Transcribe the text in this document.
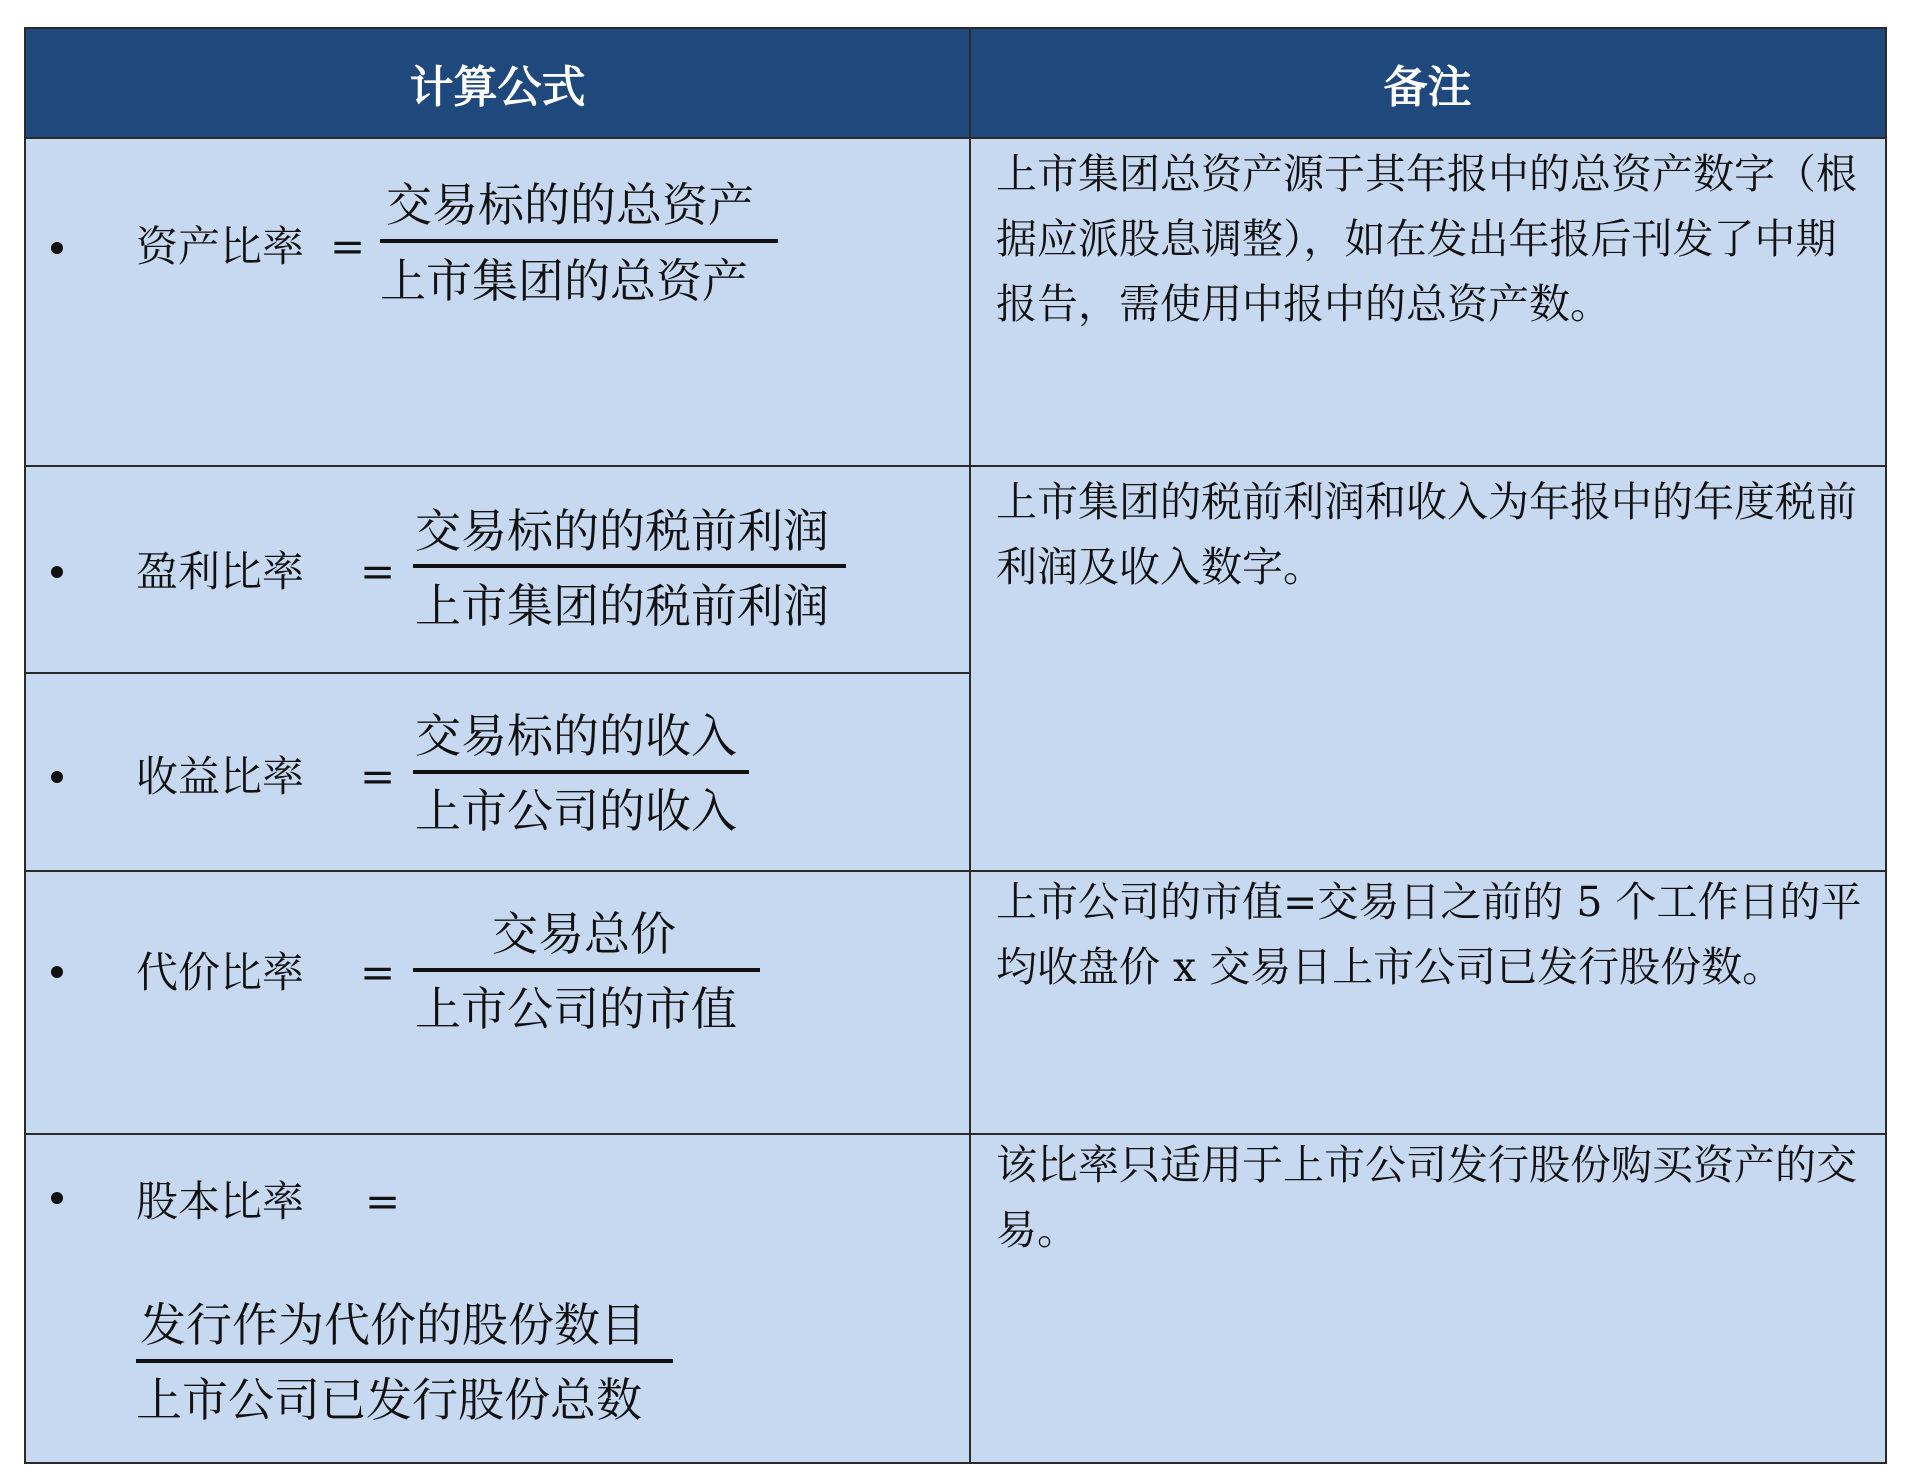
计算公式	备注
资产比率 =
交易标的的总资产
上市集团的总资产
上市集团总资产源于其年报中的总资产数字（根据应派股息调整），如在发出年报后刊发了中期报告，需使用中报中的总资产数。
盈利比率 =
交易标的的税前利润
上市集团的税前利润
上市集团的税前利润和收入为年报中的年度税前利润及收入数字。
收益比率 =
交易标的的收入
上市公司的收入
代价比率 =
交易总价
上市公司的市值
上市公司的市值=交易日之前的 5 个工作日的平均收盘价 x 交易日上市公司已发行股份数。
股本比率 =
发行作为代价的股份数目
上市公司已发行股份总数
该比率只适用于上市公司发行股份购买资产的交易。
